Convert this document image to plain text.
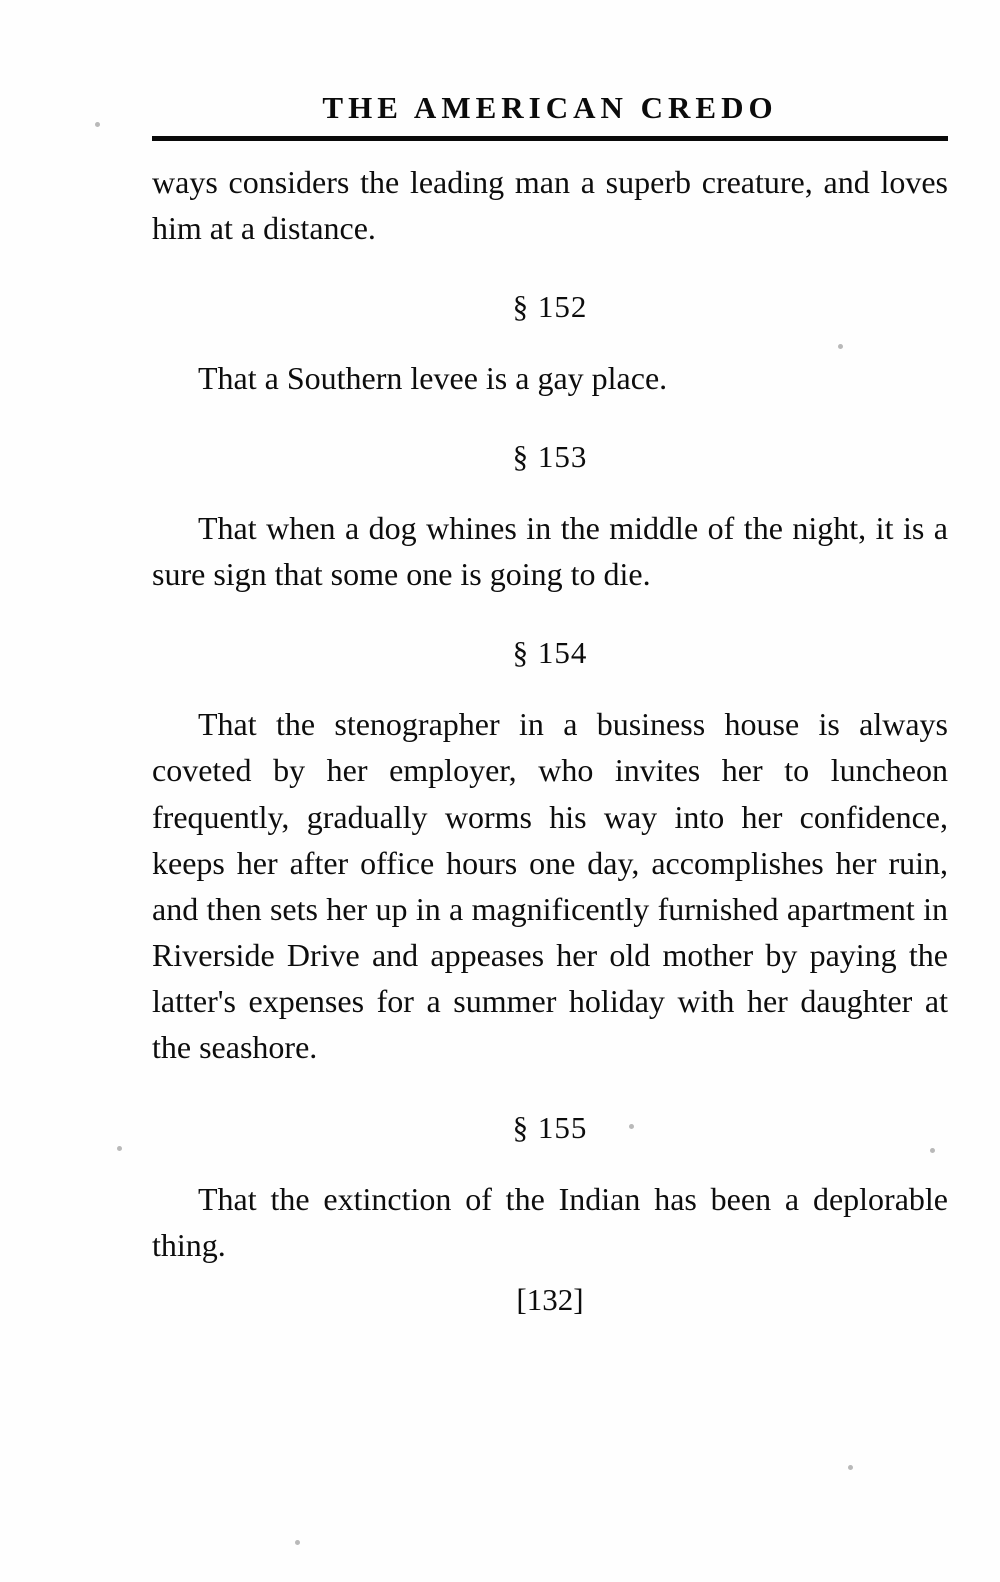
THE AMERICAN CREDO

ways considers the leading man a superb creature, and loves him at a distance.

§ 152

That a Southern levee is a gay place.

§ 153

That when a dog whines in the middle of the night, it is a sure sign that some one is going to die.

§ 154

That the stenographer in a business house is always coveted by her employer, who invites her to luncheon frequently, gradually worms his way into her confidence, keeps her after office hours one day, accomplishes her ruin, and then sets her up in a magnificently furnished apartment in Riverside Drive and appeases her old mother by paying the latter's expenses for a summer holiday with her daughter at the seashore.

§ 155

That the extinction of the Indian has been a deplorable thing.

[132]
